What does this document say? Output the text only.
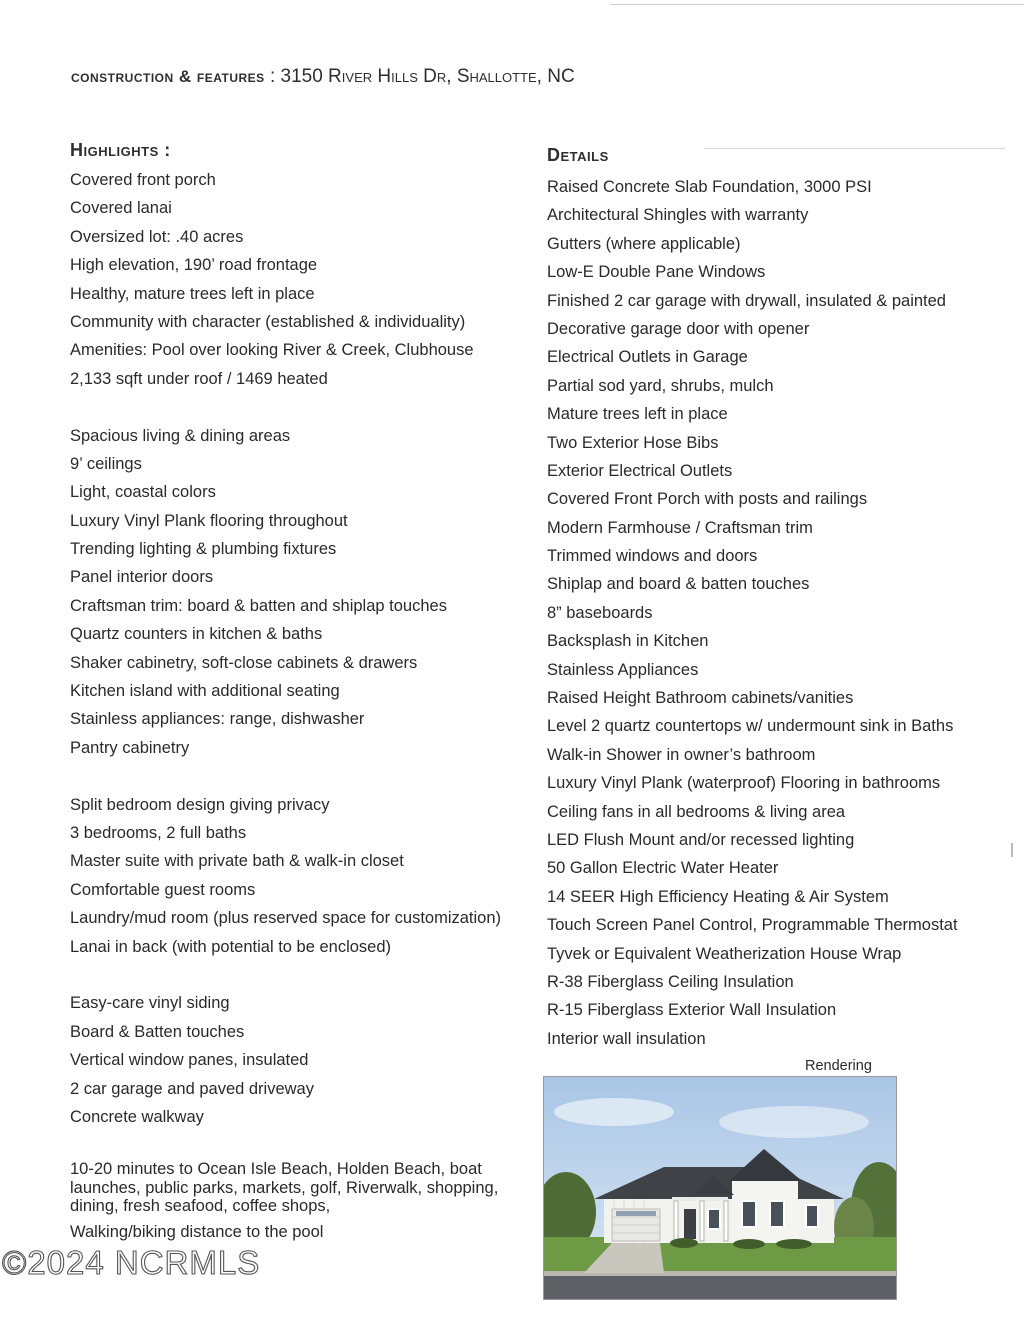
construction & features : 3150 River Hills Dr, Shallotte, NC
Highlights :
Covered front porch
Covered lanai
Oversized lot: .40 acres
High elevation, 190’ road frontage
Healthy, mature trees left in place
Community with character (established & individuality)
Amenities: Pool over looking River & Creek, Clubhouse
2,133 sqft under roof / 1469 heated
Spacious living & dining areas
9’ ceilings
Light, coastal colors
Luxury Vinyl Plank flooring throughout
Trending lighting & plumbing fixtures
Panel interior doors
Craftsman trim: board & batten and shiplap touches
Quartz counters in kitchen & baths
Shaker cabinetry, soft-close cabinets & drawers
Kitchen island with additional seating
Stainless appliances: range, dishwasher
Pantry cabinetry
Split bedroom design giving privacy
3 bedrooms, 2 full baths
Master suite with private bath & walk-in closet
Comfortable guest rooms
Laundry/mud room (plus reserved space for customization)
Lanai in back (with potential to be enclosed)
Easy-care vinyl siding
Board & Batten touches
Vertical window panes, insulated
2 car garage and paved driveway
Concrete walkway
10-20 minutes to Ocean Isle Beach, Holden Beach, boat launches, public parks, markets, golf, Riverwalk, shopping, dining, fresh seafood, coffee shops,
Walking/biking distance to the pool
Details
Raised Concrete Slab Foundation, 3000 PSI
Architectural Shingles with warranty
Gutters (where applicable)
Low-E Double Pane Windows
Finished 2 car garage with drywall, insulated & painted
Decorative garage door with opener
Electrical Outlets in Garage
Partial sod yard, shrubs, mulch
Mature trees left in place
Two Exterior Hose Bibs
Exterior Electrical Outlets
Covered Front Porch with posts and railings
Modern Farmhouse / Craftsman trim
Trimmed windows and doors
Shiplap and board & batten touches
8” baseboards
Backsplash in Kitchen
Stainless Appliances
Raised Height Bathroom cabinets/vanities
Level 2 quartz countertops w/ undermount sink in Baths
Walk-in Shower in owner’s bathroom
Luxury Vinyl Plank (waterproof) Flooring in bathrooms
Ceiling fans in all bedrooms & living area
LED Flush Mount and/or recessed lighting
50 Gallon Electric Water Heater
14 SEER High Efficiency Heating & Air System
Touch Screen Panel Control, Programmable Thermostat
Tyvek or Equivalent Weatherization House Wrap
R-38 Fiberglass Ceiling Insulation
R-15 Fiberglass Exterior Wall Insulation
Interior wall insulation
Rendering
©2024 NCRMLS
